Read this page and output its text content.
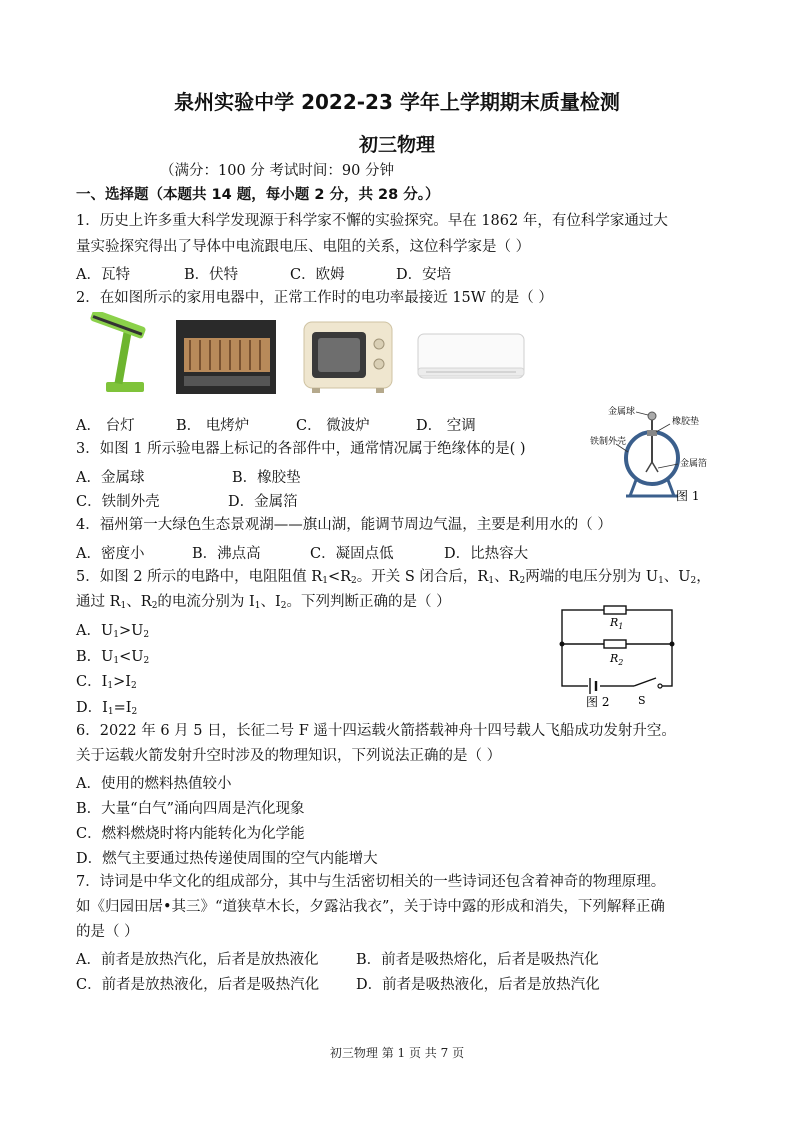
泉州实验中学 2022-23 学年上学期期末质量检测
初三物理
（满分：100 分 考试时间：90 分钟
一、选择题（本题共 14 题，每小题 2 分，共 28 分。）
1．历史上许多重大科学发现源于科学家不懈的实验探究。早在 1862 年，有位科学家通过大
量实验探究得出了导体中电流跟电压、电阻的关系，这位科学家是（ ）
A．瓦特	B．伏特	C．欧姆	D．安培
2．在如图所示的家用电器中，正常工作时的电功率最接近 15W 的是（ ）
A． 台灯	B． 电烤炉	C． 微波炉	D． 空调
3．如图 1 所示验电器上标记的各部件中，通常情况属于绝缘体的是( )
A．金属球	B．橡胶垫
C．铁制外壳	D．金属箔
金属球
橡胶垫
铁制外壳
金属箔
图 1
4．福州第一大绿色生态景观湖——旗山湖，能调节周边气温，主要是利用水的（ ）
A．密度小	B．沸点高	C．凝固点低	D．比热容大
5．如图 2 所示的电路中，电阻阻值 $R_1<R_2$。开关 S 闭合后，$R_1$、$R_2$两端的电压分别为 $U_1$、$U_2$，
通过 $R_1$、$R_2$的电流分别为 $I_1$、$I_2$。下列判断正确的是（ ）
A．$U_1>U_2$
B．$U_1<U_2$
C．$I_1>I_2$
D．$I_1=I_2$
$R_1$
$R_2$
S
图 2
6．2022 年 6 月 5 日，长征二号 F 遥十四运载火箭搭载神舟十四号载人飞船成功发射升空。
关于运载火箭发射升空时涉及的物理知识，下列说法正确的是（ ）
A．使用的燃料热值较小
B．大量“白气”涌向四周是汽化现象
C．燃料燃烧时将内能转化为化学能
D．燃气主要通过热传递使周围的空气内能增大
7．诗词是中华文化的组成部分，其中与生活密切相关的一些诗词还包含着神奇的物理原理。
如《归园田居•其三》“道狭草木长，夕露沾我衣”，关于诗中露的形成和消失，下列解释正确
的是（ ）
A．前者是放热汽化，后者是放热液化	B．前者是吸热熔化，后者是吸热汽化
C．前者是放热液化，后者是吸热汽化	D．前者是吸热液化，后者是放热汽化
初三物理 第 1 页 共 7 页
